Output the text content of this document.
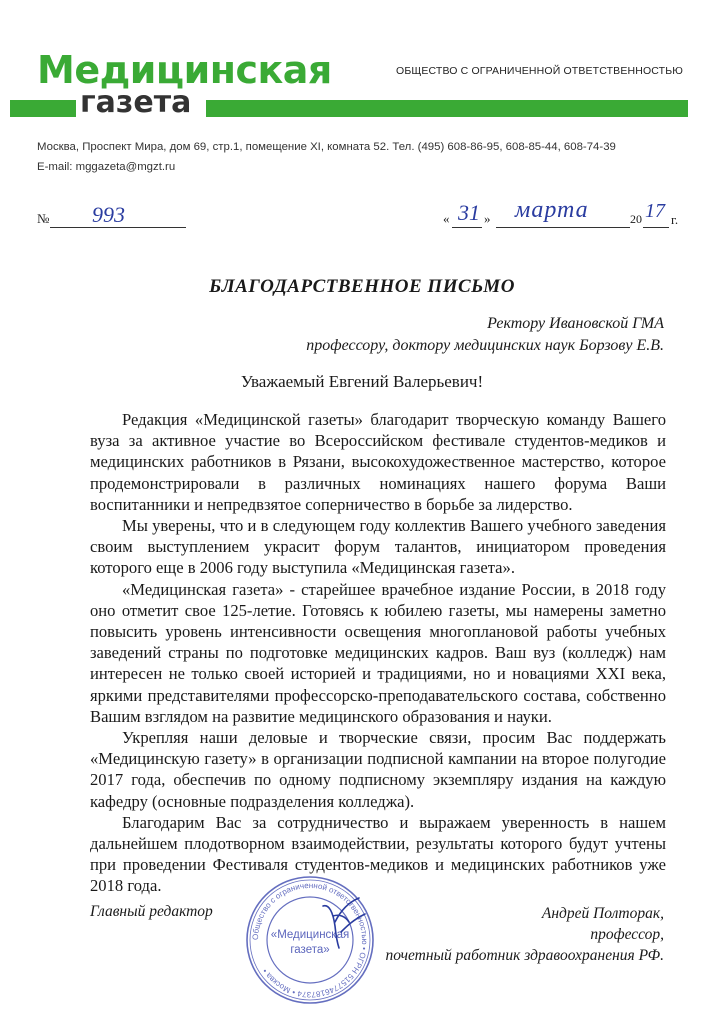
Медицинская
газета
ОБЩЕСТВО С ОГРАНИЧЕННОЙ ОТВЕТСТВЕННОСТЬЮ
Москва, Проспект Мира, дом 69, стр.1, помещение XI, комната 52. Тел. (495) 608-86-95, 608-85-44, 608-74-39
E-mail: mggazeta@mgzt.ru
№ 993	« 31 » марта	20 17 г.
БЛАГОДАРСТВЕННОЕ ПИСЬМО
Ректору Ивановской ГМА
профессору, доктору медицинских наук Борзову Е.В.
Уважаемый Евгений Валерьевич!

Редакция «Медицинской газеты» благодарит творческую команду Вашего вуза за активное участие во Всероссийском фестивале студентов-медиков и медицинских работников в Рязани, высокохудожественное мастерство, которое продемонстрировали в различных номинациях нашего форума Ваши воспитанники и непредвзятое соперничество в борьбе за лидерство.

Мы уверены, что и в следующем году коллектив Вашего учебного заведения своим выступлением украсит форум талантов, инициатором проведения которого еще в 2006 году выступила «Медицинская газета».

«Медицинская газета» - старейшее врачебное издание России, в 2018 году оно отметит свое 125-летие. Готовясь к юбилею газеты, мы намерены заметно повысить уровень интенсивности освещения многоплановой работы учебных заведений страны по подготовке медицинских кадров. Ваш вуз (колледж) нам интересен не только своей историей и традициями, но и новациями XXI века, яркими представителями профессорско-преподавательского состава, собственно Вашим взглядом на развитие медицинского образования и науки.

Укрепляя наши деловые и творческие связи, просим Вас поддержать «Медицинскую газету» в организации подписной кампании на второе полугодие 2017 года, обеспечив по одному подписному экземпляру издания на каждую кафедру (основные подразделения колледжа).

Благодарим Вас за сотрудничество и выражаем уверенность в нашем дальнейшем плодотворном взаимодействии, результаты которого будут учтены при проведении Фестиваля студентов-медиков и медицинских работников уже 2018 года.

Главный редактор	Андрей Полторак,
профессор,
почетный работник здравоохранения РФ.
Общество с ограниченной ответственностью • ОГРН 5157746187374 • Москва •
«Медицинская
газета»
